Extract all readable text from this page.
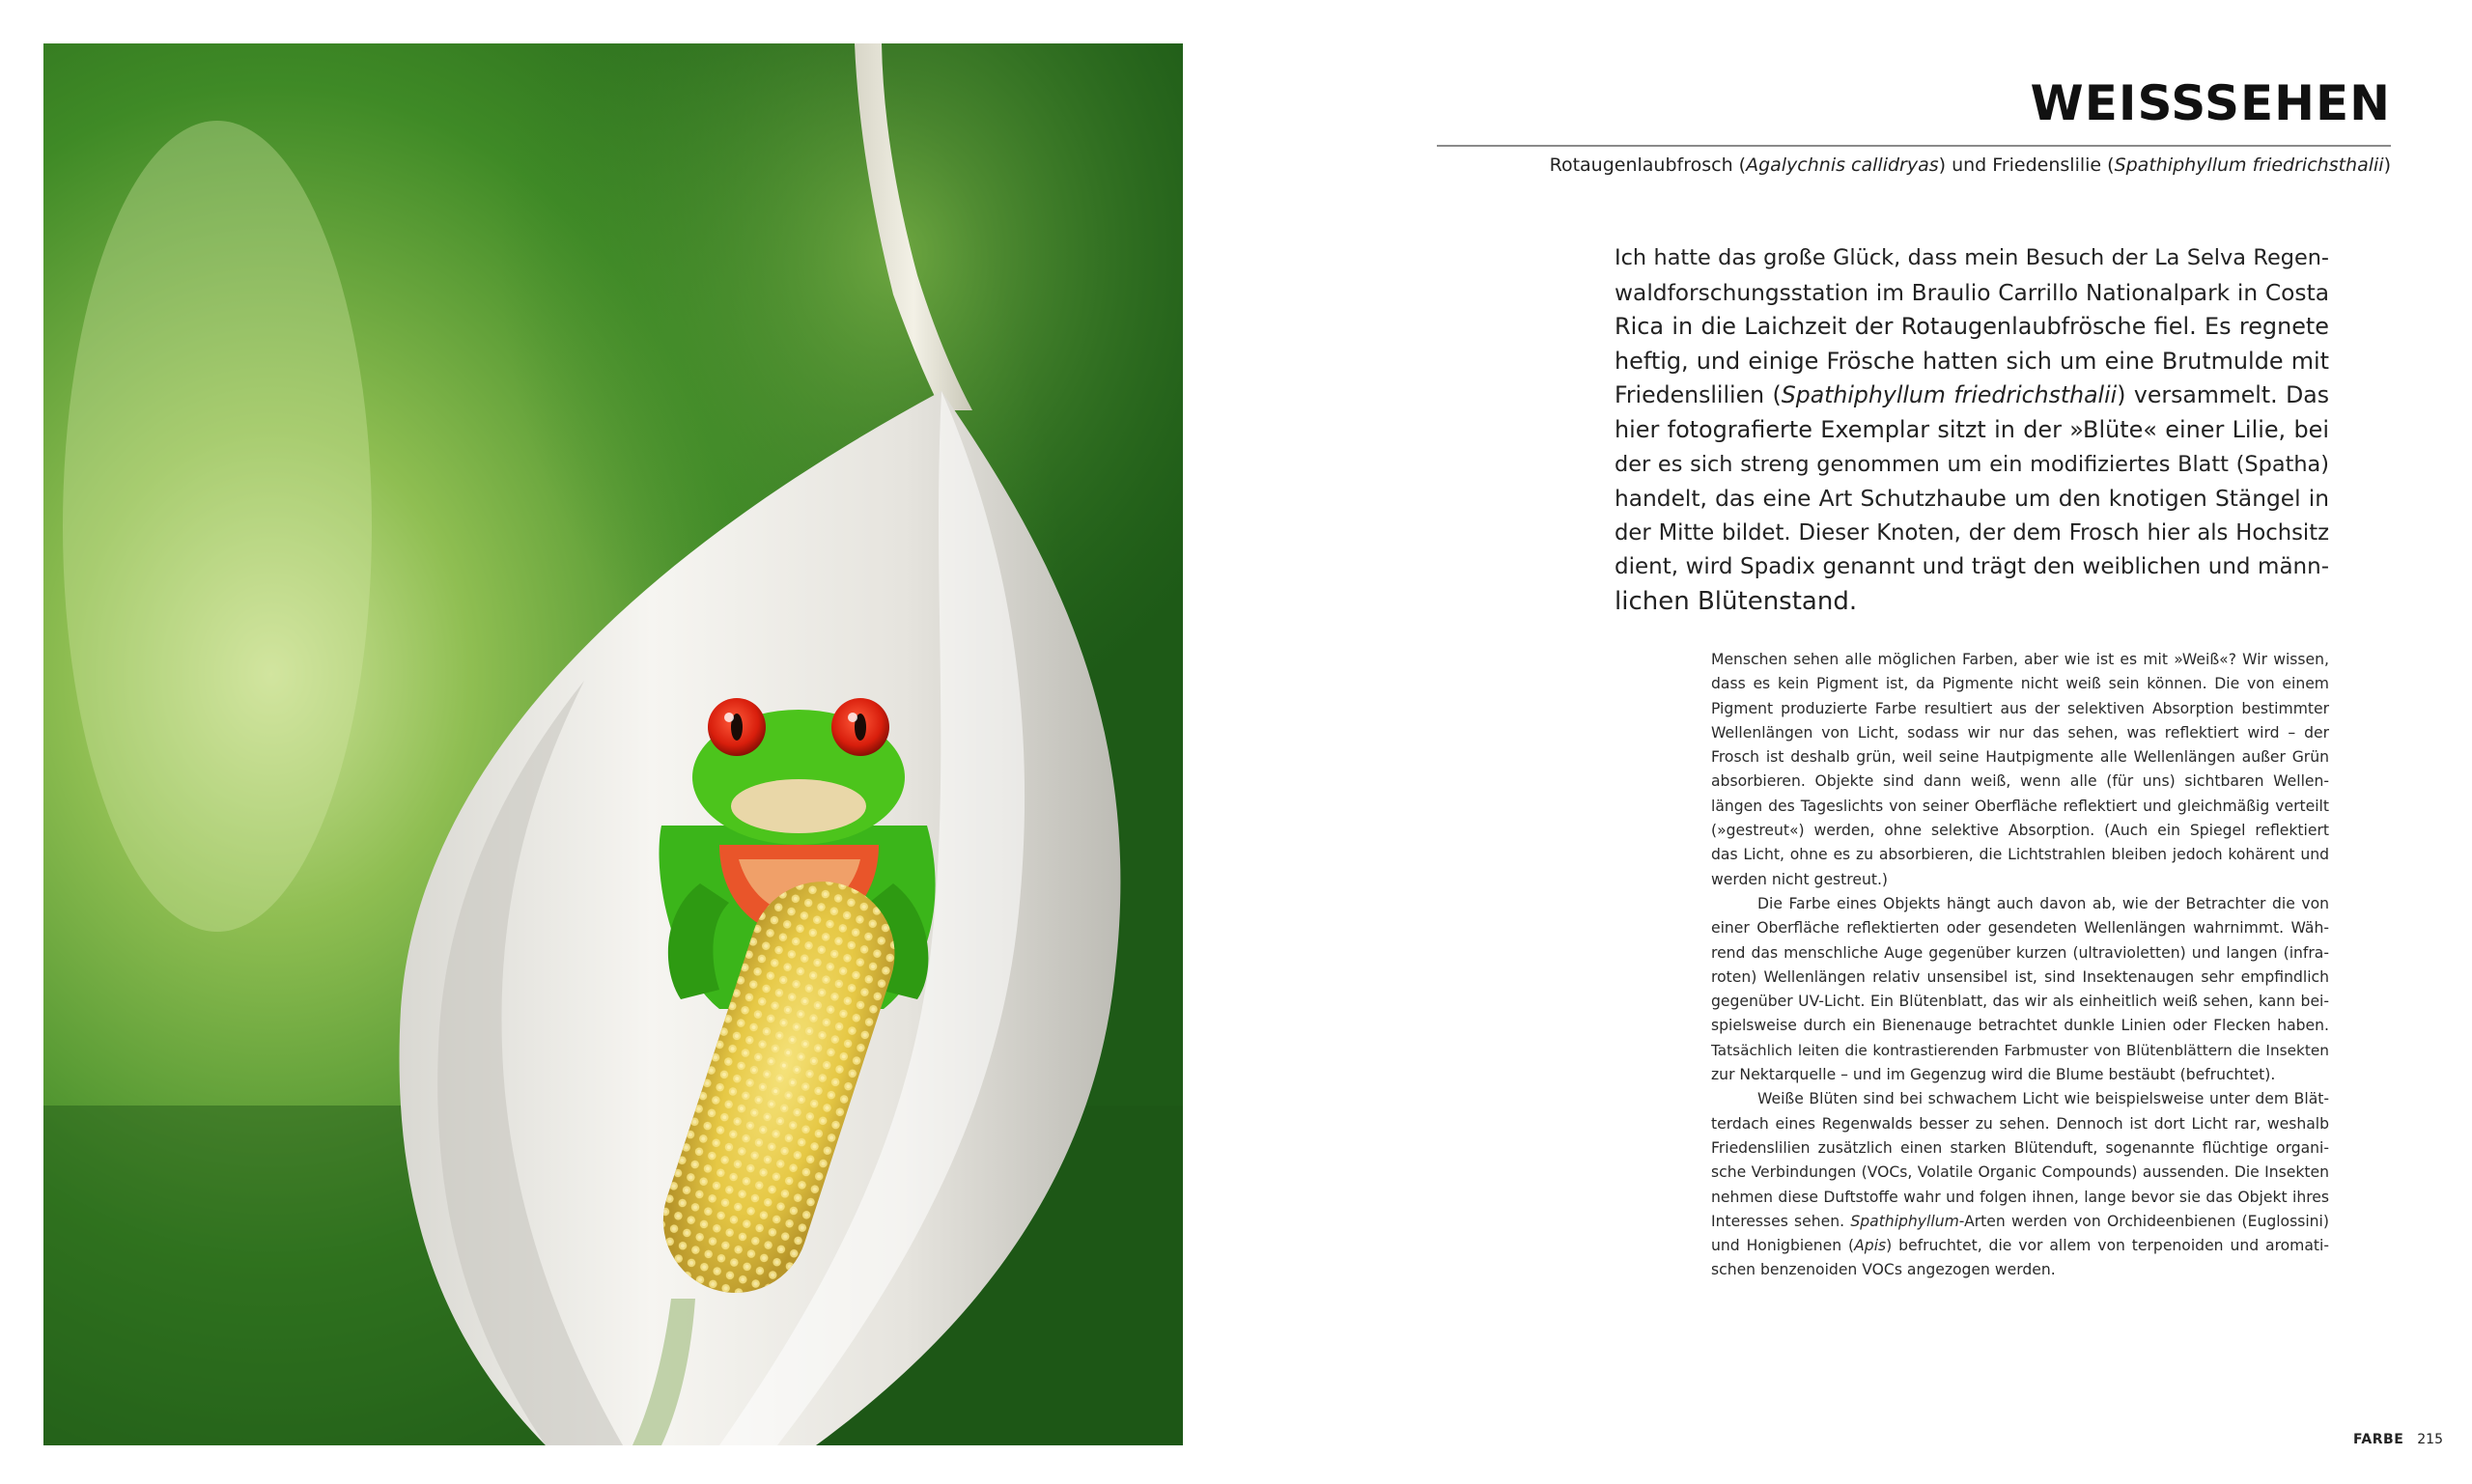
WEISSSEHEN
Rotaugenlaubfrosch (Agalychnis callidryas) und Friedenslilie (Spathiphyllum friedrichsthalii)
Ich hatte das große Glück, dass mein Besuch der La Selva Regen-
waldforschungsstation im Braulio Carrillo Nationalpark in Costa
Rica in die Laichzeit der Rotaugenlaubfrösche fiel. Es regnete
heftig, und einige Frösche hatten sich um eine Brutmulde mit
Friedenslilien (Spathiphyllum friedrichsthalii) versammelt. Das
hier fotografierte Exemplar sitzt in der »Blüte« einer Lilie, bei
der es sich streng genommen um ein modifiziertes Blatt (Spatha)
handelt, das eine Art Schutzhaube um den knotigen Stängel in
der Mitte bildet. Dieser Knoten, der dem Frosch hier als Hochsitz
dient, wird Spadix genannt und trägt den weiblichen und männ-
lichen Blütenstand.
Menschen sehen alle möglichen Farben, aber wie ist es mit »Weiß«? Wir wissen,
dass es kein Pigment ist, da Pigmente nicht weiß sein können. Die von einem
Pigment produzierte Farbe resultiert aus der selektiven Absorption bestimmter
Wellenlängen von Licht, sodass wir nur das sehen, was reflektiert wird – der
Frosch ist deshalb grün, weil seine Hautpigmente alle Wellenlängen außer Grün
absorbieren. Objekte sind dann weiß, wenn alle (für uns) sichtbaren Wellen-
längen des Tageslichts von seiner Oberfläche reflektiert und gleichmäßig verteilt
(»gestreut«) werden, ohne selektive Absorption. (Auch ein Spiegel reflektiert
das Licht, ohne es zu absorbieren, die Lichtstrahlen bleiben jedoch kohärent und
werden nicht gestreut.)
Die Farbe eines Objekts hängt auch davon ab, wie der Betrachter die von
einer Oberfläche reflektierten oder gesendeten Wellenlängen wahrnimmt. Wäh-
rend das menschliche Auge gegenüber kurzen (ultravioletten) und langen (infra-
roten) Wellenlängen relativ unsensibel ist, sind Insektenaugen sehr empfindlich
gegenüber UV-Licht. Ein Blütenblatt, das wir als einheitlich weiß sehen, kann bei-
spielsweise durch ein Bienenauge betrachtet dunkle Linien oder Flecken haben.
Tatsächlich leiten die kontrastierenden Farbmuster von Blütenblättern die Insekten
zur Nektarquelle – und im Gegenzug wird die Blume bestäubt (befruchtet).
Weiße Blüten sind bei schwachem Licht wie beispielsweise unter dem Blät-
terdach eines Regenwalds besser zu sehen. Dennoch ist dort Licht rar, weshalb
Friedenslilien zusätzlich einen starken Blütenduft, sogenannte flüchtige organi-
sche Verbindungen (VOCs, Volatile Organic Compounds) aussenden. Die Insekten
nehmen diese Duftstoffe wahr und folgen ihnen, lange bevor sie das Objekt ihres
Interesses sehen. Spathiphyllum-Arten werden von Orchideenbienen (Euglossini)
und Honigbienen (Apis) befruchtet, die vor allem von terpenoiden und aromati-
schen benzenoiden VOCs angezogen werden.
FARBE 215
